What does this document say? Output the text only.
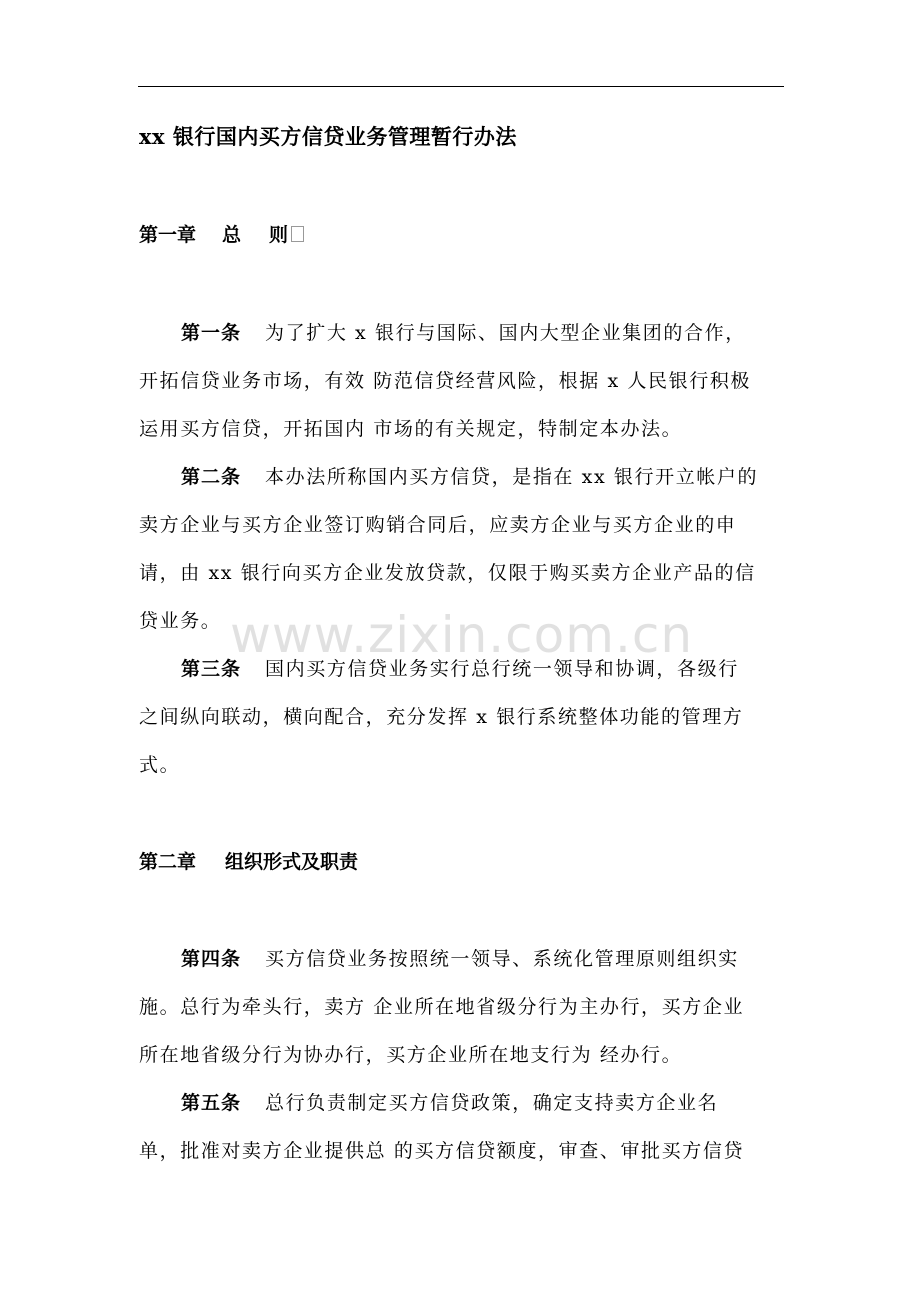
xx 银行国内买方信贷业务管理暂行办法
第一章 总 则
第一条 为了扩大 x 银行与国际、国内大型企业集团的合作，
开拓信贷业务市场，有效 防范信贷经营风险，根据 x 人民银行积极
运用买方信贷，开拓国内 市场的有关规定，特制定本办法。
第二条 本办法所称国内买方信贷，是指在 xx 银行开立帐户的
卖方企业与买方企业签订购销合同后，应卖方企业与买方企业的申
请，由 xx 银行向买方企业发放贷款，仅限于购买卖方企业产品的信
贷业务。
第三条 国内买方信贷业务实行总行统一领导和协调，各级行
之间纵向联动，横向配合，充分发挥 x 银行系统整体功能的管理方
式。
第二章 组织形式及职责
第四条 买方信贷业务按照统一领导、系统化管理原则组织实
施。总行为牵头行，卖方 企业所在地省级分行为主办行，买方企业
所在地省级分行为协办行，买方企业所在地支行为 经办行。
第五条 总行负责制定买方信贷政策，确定支持卖方企业名
单，批准对卖方企业提供总 的买方信贷额度，审查、审批买方信贷
www.zixin.com.cn
